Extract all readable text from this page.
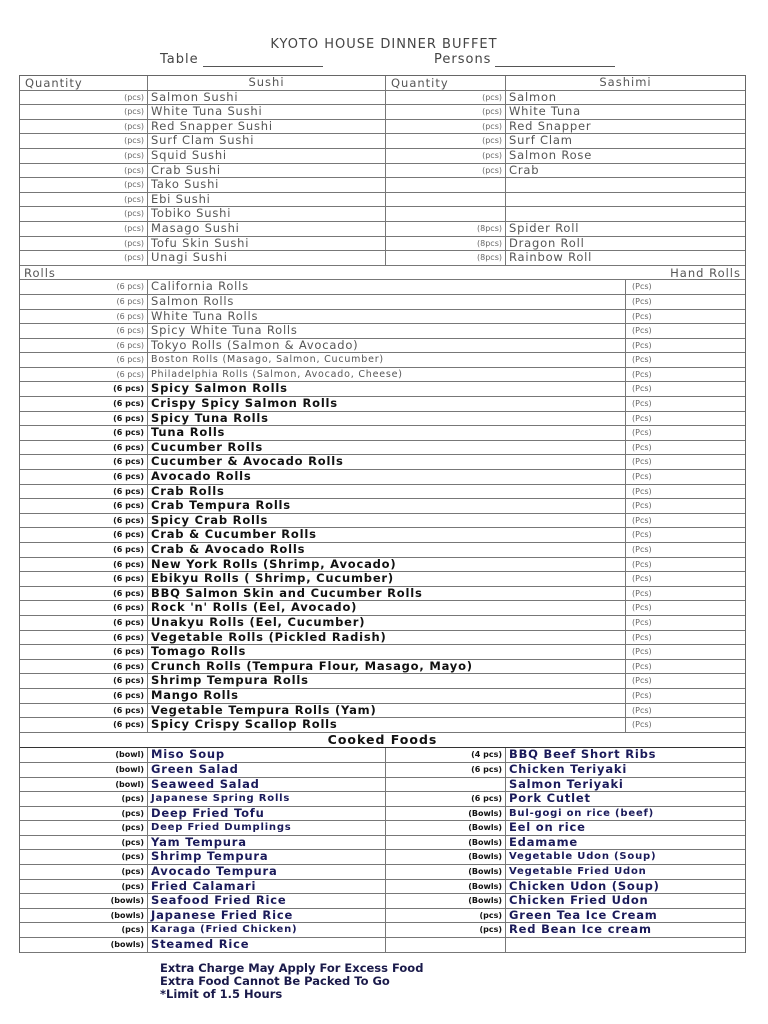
KYOTO HOUSE DINNER BUFFET
Table	Persons
Quantity	Sushi	Quantity	Sashimi
(pcs) Salmon Sushi	(pcs) Salmon
(pcs) White Tuna Sushi	(pcs) White Tuna
(pcs) Red Snapper Sushi	(pcs) Red Snapper
(pcs) Surf Clam Sushi	(pcs) Surf Clam
(pcs) Squid Sushi	(pcs) Salmon Rose
(pcs) Crab Sushi	(pcs) Crab
(pcs) Tako Sushi
(pcs) Ebi Sushi
(pcs) Tobiko Sushi
(pcs) Masago Sushi	(8pcs) Spider Roll
(pcs) Tofu Skin Sushi	(8pcs) Dragon Roll
(pcs) Unagi Sushi	(8pcs) Rainbow Roll
Rolls	Hand Rolls
(6 pcs) California Rolls	(Pcs)
(6 pcs) Salmon Rolls	(Pcs)
(6 pcs) White Tuna Rolls	(Pcs)
(6 pcs) Spicy White Tuna Rolls	(Pcs)
(6 pcs) Tokyo Rolls (Salmon & Avocado)	(Pcs)
(6 pcs) Boston Rolls (Masago, Salmon, Cucumber)	(Pcs)
(6 pcs) Philadelphia Rolls (Salmon, Avocado, Cheese)	(Pcs)
(6 pcs) Spicy Salmon Rolls	(Pcs)
(6 pcs) Crispy Spicy Salmon Rolls	(Pcs)
(6 pcs) Spicy Tuna Rolls	(Pcs)
(6 pcs) Tuna Rolls	(Pcs)
(6 pcs) Cucumber Rolls	(Pcs)
(6 pcs) Cucumber & Avocado Rolls	(Pcs)
(6 pcs) Avocado Rolls	(Pcs)
(6 pcs) Crab Rolls	(Pcs)
(6 pcs) Crab Tempura Rolls	(Pcs)
(6 pcs) Spicy Crab Rolls	(Pcs)
(6 pcs) Crab & Cucumber Rolls	(Pcs)
(6 pcs) Crab & Avocado Rolls	(Pcs)
(6 pcs) New York Rolls (Shrimp, Avocado)	(Pcs)
(6 pcs) Ebikyu Rolls ( Shrimp, Cucumber)	(Pcs)
(6 pcs) BBQ Salmon Skin and Cucumber Rolls	(Pcs)
(6 pcs) Rock 'n' Rolls (Eel, Avocado)	(Pcs)
(6 pcs) Unakyu Rolls (Eel, Cucumber)	(Pcs)
(6 pcs) Vegetable Rolls (Pickled Radish)	(Pcs)
(6 pcs) Tomago Rolls	(Pcs)
(6 pcs) Crunch Rolls (Tempura Flour, Masago, Mayo)	(Pcs)
(6 pcs) Shrimp Tempura Rolls	(Pcs)
(6 pcs) Mango Rolls	(Pcs)
(6 pcs) Vegetable Tempura Rolls (Yam)	(Pcs)
(6 pcs) Spicy Crispy Scallop Rolls	(Pcs)
Cooked Foods
(bowl) Miso Soup	(4 pcs) BBQ Beef Short Ribs
(bowl) Green Salad	(6 pcs) Chicken Teriyaki
(bowl) Seaweed Salad	Salmon Teriyaki
(pcs) Japanese Spring Rolls	(6 pcs) Pork Cutlet
(pcs) Deep Fried Tofu	(Bowls) Bul-gogi on rice (beef)
(pcs) Deep Fried Dumplings	(Bowls) Eel on rice
(pcs) Yam Tempura	(Bowls) Edamame
(pcs) Shrimp Tempura	(Bowls) Vegetable Udon (Soup)
(pcs) Avocado Tempura	(Bowls) Vegetable Fried Udon
(pcs) Fried Calamari	(Bowls) Chicken Udon (Soup)
(bowls) Seafood Fried Rice	(Bowls) Chicken Fried Udon
(bowls) Japanese Fried Rice	(pcs) Green Tea Ice Cream
(pcs) Karaga (Fried Chicken)	(pcs) Red Bean Ice cream
(bowls) Steamed Rice
Extra Charge May Apply For Excess Food
Extra Food Cannot Be Packed To Go
*Limit of 1.5 Hours
